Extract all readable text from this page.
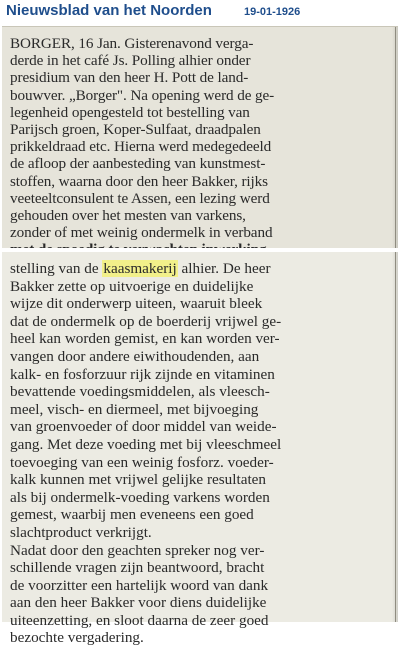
Nieuwsblad van het Noorden	19-01-1926
BORGER, 16 Jan. Gisterenavond verga-
derde in het café Js. Polling alhier onder
presidium van den heer H. Pott de land-
bouwver. „Borger". Na opening werd de ge-
legenheid opengesteld tot bestelling van
Parijsch groen, Koper-Sulfaat, draadpalen
prikkeldraad etc. Hierna werd medegedeeld
de afloop der aanbesteding van kunstmest-
stoffen, waarna door den heer Bakker, rijks
veeteeltconsulent te Assen, een lezing werd
gehouden over het mesten van varkens,
zonder of met weinig ondermelk in verband
stelling van de kaasmakerij alhier. De heer
Bakker zette op uitvoerige en duidelijke
wijze dit onderwerp uiteen, waaruit bleek
dat de ondermelk op de boerderij vrijwel ge-
heel kan worden gemist, en kan worden ver-
vangen door andere eiwithoudenden, aan
kalk- en fosforzuur rijk zijnde en vitaminen
bevattende voedingsmiddelen, als vleesch-
meel, visch- en diermeel, met bijvoeging
van groenvoeder of door middel van weide-
gang. Met deze voeding met bij vleeschmeel
toevoeging van een weinig fosforz. voeder-
kalk kunnen met vrijwel gelijke resultaten
als bij ondermelk-voeding varkens worden
gemest, waarbij men eveneens een goed
slachtproduct verkrijgt.
Nadat door den geachten spreker nog ver-
schillende vragen zijn beantwoord, bracht
de voorzitter een hartelijk woord van dank
aan den heer Bakker voor diens duidelijke
uiteenzetting, en sloot daarna de zeer goed
bezochte vergadering.
